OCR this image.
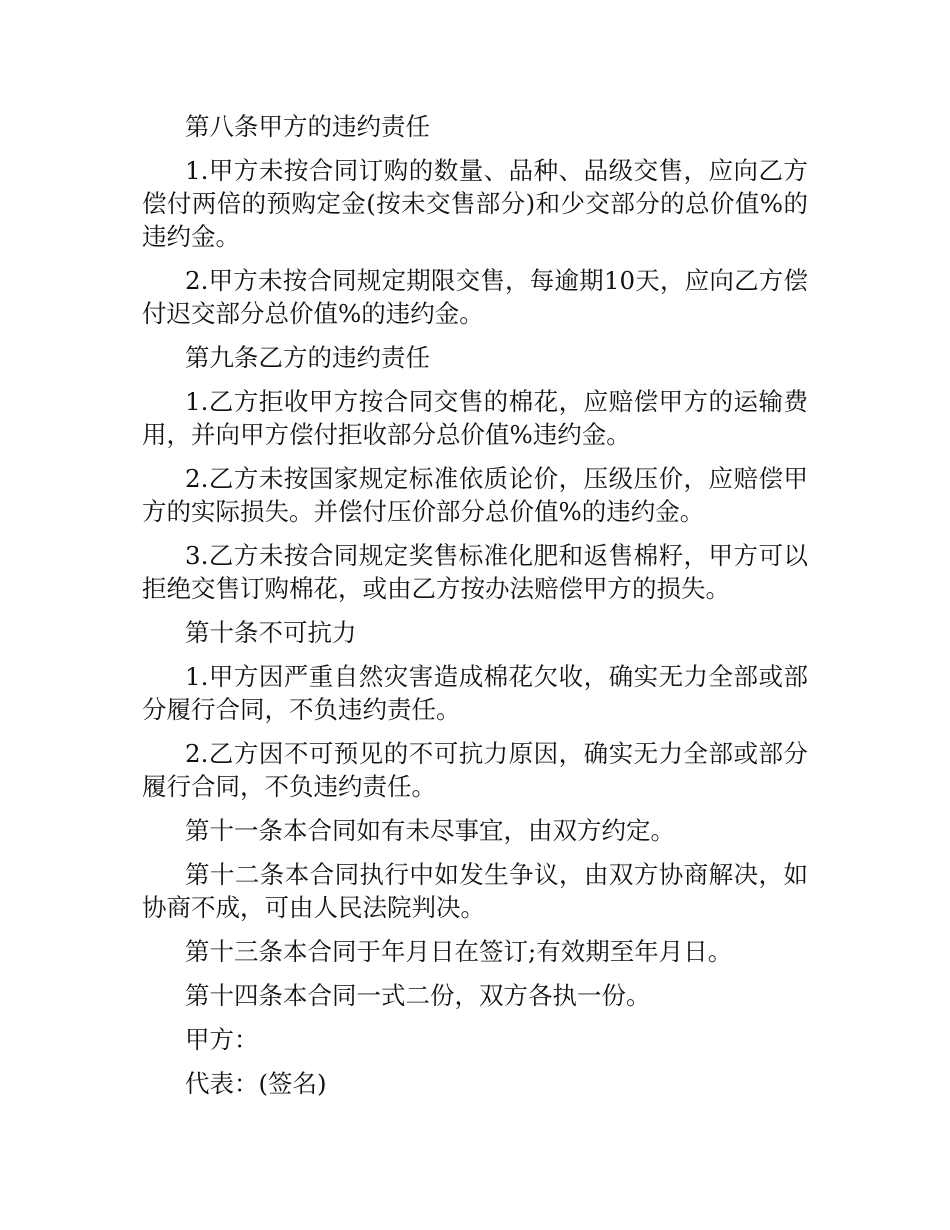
第八条甲方的违约责任

1.甲方未按合同订购的数量、品种、品级交售，应向乙方偿付两倍的预购定金(按未交售部分)和少交部分的总价值%的违约金。

2.甲方未按合同规定期限交售，每逾期10天，应向乙方偿付迟交部分总价值%的违约金。

第九条乙方的违约责任

1.乙方拒收甲方按合同交售的棉花，应赔偿甲方的运输费用，并向甲方偿付拒收部分总价值%违约金。

2.乙方未按国家规定标准依质论价，压级压价，应赔偿甲方的实际损失。并偿付压价部分总价值%的违约金。

3.乙方未按合同规定奖售标准化肥和返售棉籽，甲方可以拒绝交售订购棉花，或由乙方按办法赔偿甲方的损失。

第十条不可抗力

1.甲方因严重自然灾害造成棉花欠收，确实无力全部或部分履行合同，不负违约责任。

2.乙方因不可预见的不可抗力原因，确实无力全部或部分履行合同，不负违约责任。

第十一条本合同如有未尽事宜，由双方约定。

第十二条本合同执行中如发生争议，由双方协商解决，如协商不成，可由人民法院判决。

第十三条本合同于年月日在签订;有效期至年月日。

第十四条本合同一式二份，双方各执一份。

甲方：

代表：(签名)
